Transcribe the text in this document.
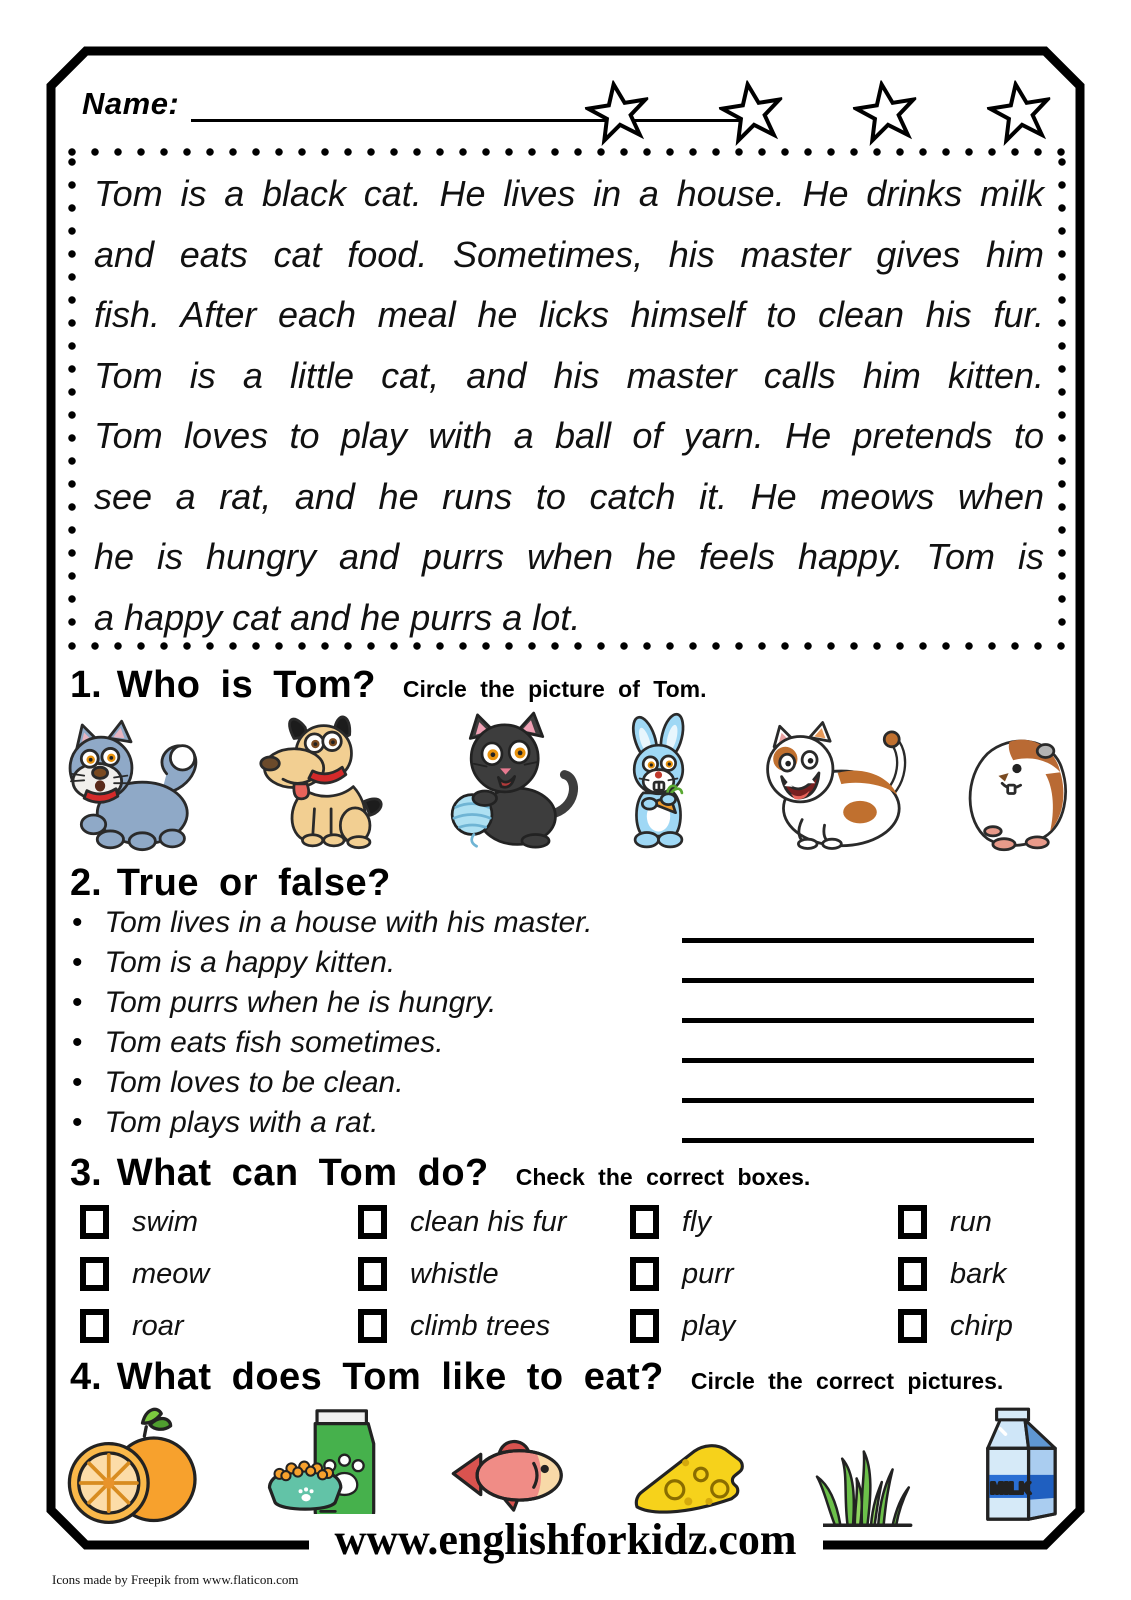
Name:
Tom is a black cat. He lives in a house. He drinks milk
and eats cat food. Sometimes, his master gives him
fish. After each meal he licks himself to clean his fur.
Tom is a little cat, and his master calls him kitten.
Tom loves to play with a ball of yarn. He pretends to
see a rat, and he runs to catch it. He meows when
he is hungry and purrs when he feels happy. Tom is
a happy cat and he purrs a lot.
1. Who is Tom? Circle the picture of Tom.
2. True or false?
•
Tom lives in a house with his master.
•
Tom is a happy kitten.
•
Tom purrs when he is hungry.
•
Tom eats fish sometimes.
•
Tom loves to be clean.
•
Tom plays with a rat.
3. What can Tom do? Check the correct boxes.
swim	clean his fur	fly	run
meow	whistle	purr	bark
roar	climb trees	play	chirp
4. What does Tom like to eat? Circle the correct pictures.
MILK
www.englishforkidz.com
Icons made by Freepik from www.flaticon.com
